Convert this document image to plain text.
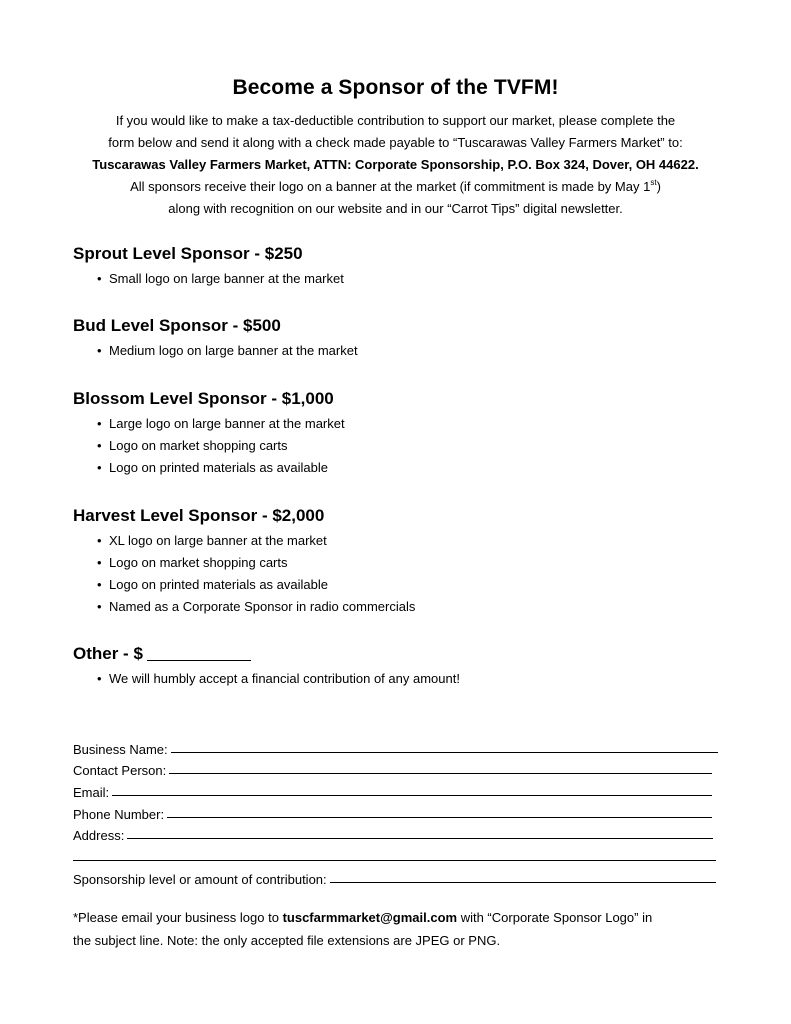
Become a Sponsor of the TVFM!
If you would like to make a tax-deductible contribution to support our market, please complete the
form below and send it along with a check made payable to “Tuscarawas Valley Farmers Market” to:
Tuscarawas Valley Farmers Market, ATTN: Corporate Sponsorship, P.O. Box 324, Dover, OH 44622.
All sponsors receive their logo on a banner at the market (if commitment is made by May 1st)
along with recognition on our website and in our “Carrot Tips” digital newsletter.
Sprout Level Sponsor - $250
• Small logo on large banner at the market
Bud Level Sponsor - $500
• Medium logo on large banner at the market
Blossom Level Sponsor - $1,000
• Large logo on large banner at the market
• Logo on market shopping carts
• Logo on printed materials as available
Harvest Level Sponsor - $2,000
• XL logo on large banner at the market
• Logo on market shopping carts
• Logo on printed materials as available
• Named as a Corporate Sponsor in radio commercials
Other - $
• We will humbly accept a financial contribution of any amount!
Business Name:
Contact Person:
Email:
Phone Number:
Address:
Sponsorship level or amount of contribution:
*Please email your business logo to tuscfarmmarket@gmail.com with “Corporate Sponsor Logo” in
the subject line. Note: the only accepted file extensions are JPEG or PNG.
